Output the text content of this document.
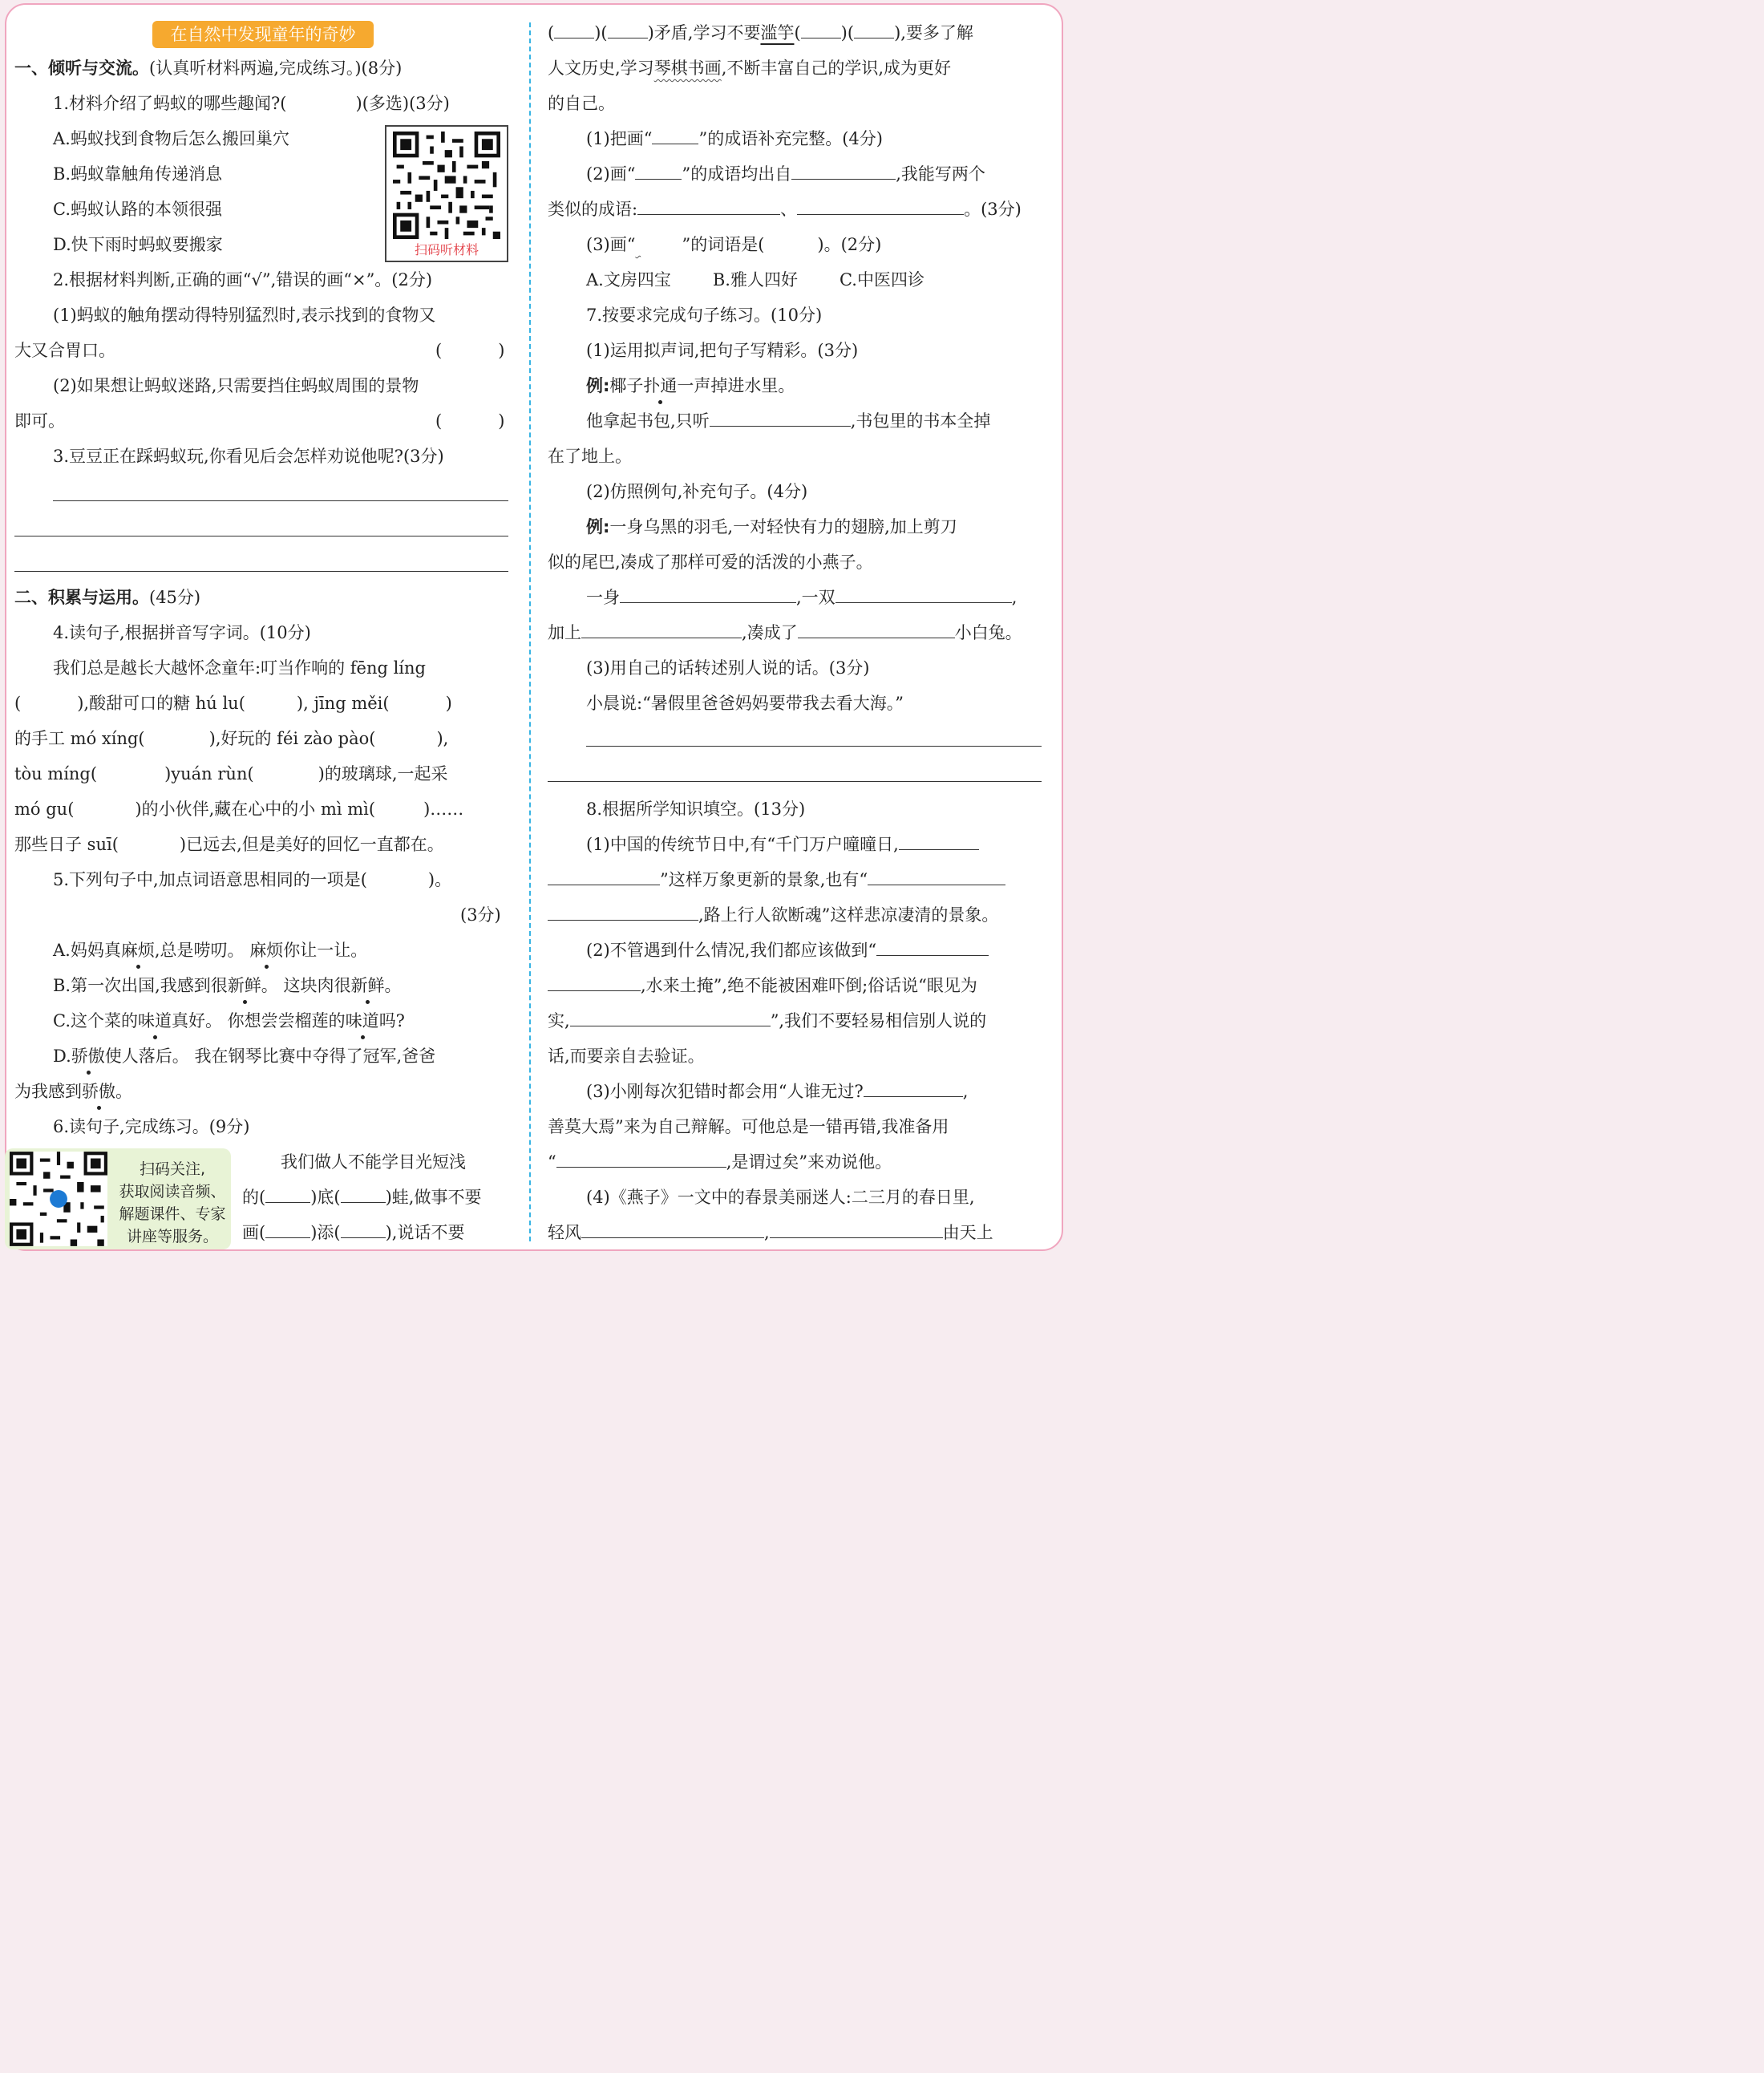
在自然中发现童年的奇妙
一、倾听与交流。(认真听材料两遍,完成练习。)(8分)
1.材料介绍了蚂蚁的哪些趣闻?(	)(多选)(3分)
A.蚂蚁找到食物后怎么搬回巢穴
B.蚂蚁靠触角传递消息
C.蚂蚁认路的本领很强
D.快下雨时蚂蚁要搬家	扫码听材料
2.根据材料判断,正确的画“√”,错误的画“×”。(2分)
(1)蚂蚁的触角摆动得特别猛烈时,表示找到的食物又
大又合胃口。	(	)
(2)如果想让蚂蚁迷路,只需要挡住蚂蚁周围的景物
即可。	(	)
3.豆豆正在踩蚂蚁玩,你看见后会怎样劝说他呢?(3分)
二、积累与运用。(45分)
4.读句子,根据拼音写字词。(10分)
我们总是越长大越怀念童年:叮当作响的 fēng líng
(	),酸甜可口的糖 hú lu(	), jīng měi(	)
的手工 mó xíng(	),好玩的 féi zào pào(	),
tòu míng(	)yuán rùn(	)的玻璃球,一起采
mó gu(	)的小伙伴,藏在心中的小 mì mì(	)……
那些日子 suī(	)已远去,但是美好的回忆一直都在。
5.下列句子中,加点词语意思相同的一项是(	)。
(3分)
A.妈妈真麻烦,总是唠叨。 麻烦你让一让。
B.第一次出国,我感到很新鲜。 这块肉很新鲜。
C.这个菜的味道真好。 你想尝尝榴莲的味道吗?
D.骄傲使人落后。 我在钢琴比赛中夺得了冠军,爸爸
为我感到骄傲。
6.读句子,完成练习。(9分)
我们做人不能学目光短浅
的(	)底(	)蛙,做事不要
画(	)添(	),说话不要
扫码关注,
获取阅读音频、
解题课件、专家
讲座等服务。
( )( )矛盾,学习不要滥竽( )( ),要多了解
人文历史,学习琴棋书画,不断丰富自己的学识,成为更好
的自己。
(1)把画“	”的成语补充完整。(4分)
(2)画“	”的成语均出自	,我能写两个
类似的成语:	、	。(3分)
(3)画“	”的词语是(	)。(2分)
A.文房四宝 B.雅人四好 C.中医四诊
7.按要求完成句子练习。(10分)
(1)运用拟声词,把句子写精彩。(3分)
例:椰子扑通一声掉进水里。
他拿起书包,只听	,书包里的书本全掉
在了地上。
(2)仿照例句,补充句子。(4分)
例:一身乌黑的羽毛,一对轻快有力的翅膀,加上剪刀
似的尾巴,凑成了那样可爱的活泼的小燕子。
一身	,一双	,
加上	,凑成了	小白兔。
(3)用自己的话转述别人说的话。(3分)
小晨说:“暑假里爸爸妈妈要带我去看大海。”
8.根据所学知识填空。(13分)
(1)中国的传统节日中,有“千门万户曈曈日,
”这样万象更新的景象,也有“
,路上行人欲断魂”这样悲凉凄清的景象。
(2)不管遇到什么情况,我们都应该做到“
,水来土掩”,绝不能被困难吓倒;俗话说“眼见为
实,	”,我们不要轻易相信别人说的
话,而要亲自去验证。
(3)小刚每次犯错时都会用“人谁无过?	,
善莫大焉”来为自己辩解。可他总是一错再错,我准备用
“	,是谓过矣”来劝说他。
(4)《燕子》一文中的春景美丽迷人:二三月的春日里,
轻风	,	由天上
